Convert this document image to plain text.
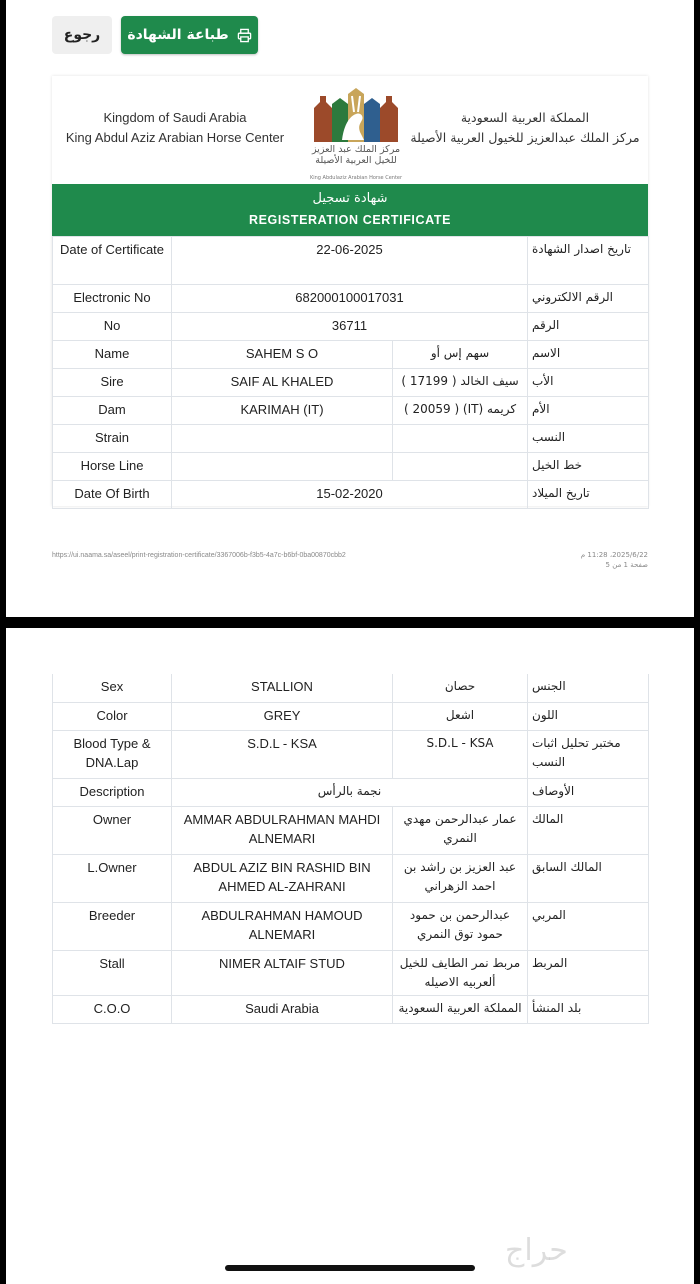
رجوع	طباعة الشهادة
Kingdom of Saudi Arabia
King Abdul Aziz Arabian Horse Center
مركز الملك عبد العزيز
للخيل العربية الأصيلة
King Abdulaziz Arabian Horse Center
المملكة العربية السعودية
مركز الملك عبدالعزيز للخيول العربية الأصيلة
شهادة تسجيل
REGISTERATION CERTIFICATE
Date of Certificate	22-06-2025		تاريخ اصدار الشهادة
Electronic No	682000100017031		الرقم الالكتروني
No	36711		الرقم
Name	SAHEM S O	سهم إس أو	الاسم
Sire	SAIF AL KHALED	سيف الخالد ( 17199 )	الأب
Dam	KARIMAH (IT)	كريمه (IT) ( 20059 )	الأم
Strain			النسب
Horse Line			خط الخيل
Date Of Birth	15-02-2020		تاريخ الميلاد
https://ui.naama.sa/aseel/print-registration-certificate/3367006b-f3b5-4a7c-b6bf-0ba00870cbb2	2025/6/22، 11:28 م
صفحة 1 من 5
Sex	STALLION	حصان	الجنس
Color	GREY	اشعل	اللون
Blood Type & DNA.Lap	S.D.L - KSA	S.D.L - KSA	مختبر تحليل اثبات النسب
Description	نجمة بالرأس		الأوصاف
Owner	AMMAR ABDULRAHMAN MAHDI ALNEMARI	عمار عبدالرحمن مهدي النمري	المالك
L.Owner	ABDUL AZIZ BIN RASHID BIN AHMED AL-ZAHRANI	عبد العزيز بن راشد بن احمد الزهراني	المالك السابق
Breeder	ABDULRAHMAN HAMOUD ALNEMARI	عبدالرحمن بن حمود حمود توق النمري	المربي
Stall	NIMER ALTAIF STUD	مربط نمر الطايف للخيل ألعربيه الاصيله	المربط
C.O.O	Saudi Arabia	المملكة العربية السعودية	بلد المنشأ
حراج
